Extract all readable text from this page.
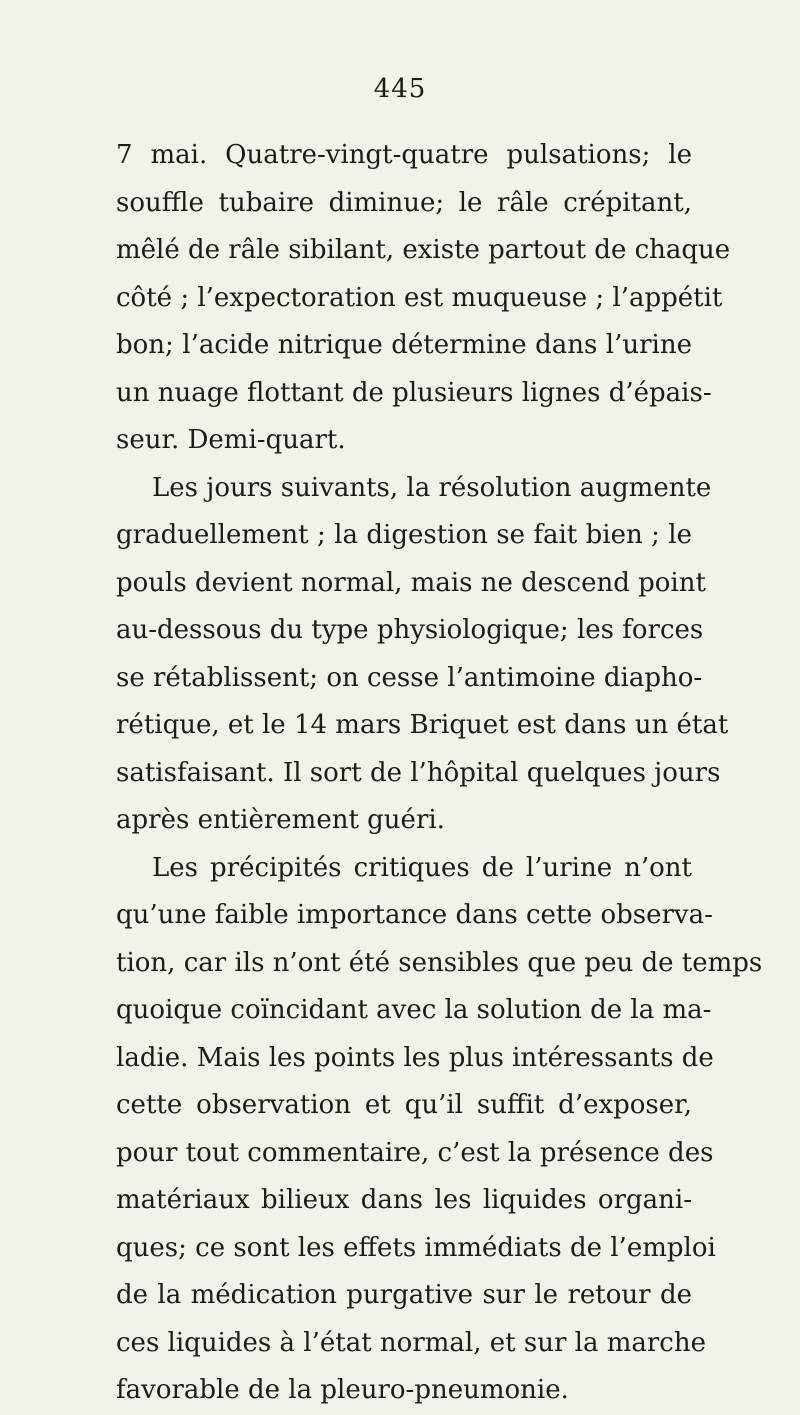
445
7 mai. Quatre-vingt-quatre pulsations; le
souffle tubaire diminue; le râle crépitant,
mêlé de râle sibilant, existe partout de chaque
côté ; l’expectoration est muqueuse ; l’appétit
bon; l’acide nitrique détermine dans l’urine
un nuage flottant de plusieurs lignes d’épais-
seur. Demi-quart.
Les jours suivants, la résolution augmente
graduellement ; la digestion se fait bien ; le
pouls devient normal, mais ne descend point
au-dessous du type physiologique; les forces
se rétablissent; on cesse l’antimoine diapho-
rétique, et le 14 mars Briquet est dans un état
satisfaisant. Il sort de l’hôpital quelques jours
après entièrement guéri.
Les précipités critiques de l’urine n’ont
qu’une faible importance dans cette observa-
tion, car ils n’ont été sensibles que peu de temps
quoique coïncidant avec la solution de la ma-
ladie. Mais les points les plus intéressants de
cette observation et qu’il suffit d’exposer,
pour tout commentaire, c’est la présence des
matériaux bilieux dans les liquides organi-
ques; ce sont les effets immédiats de l’emploi
de la médication purgative sur le retour de
ces liquides à l’état normal, et sur la marche
favorable de la pleuro-pneumonie.
